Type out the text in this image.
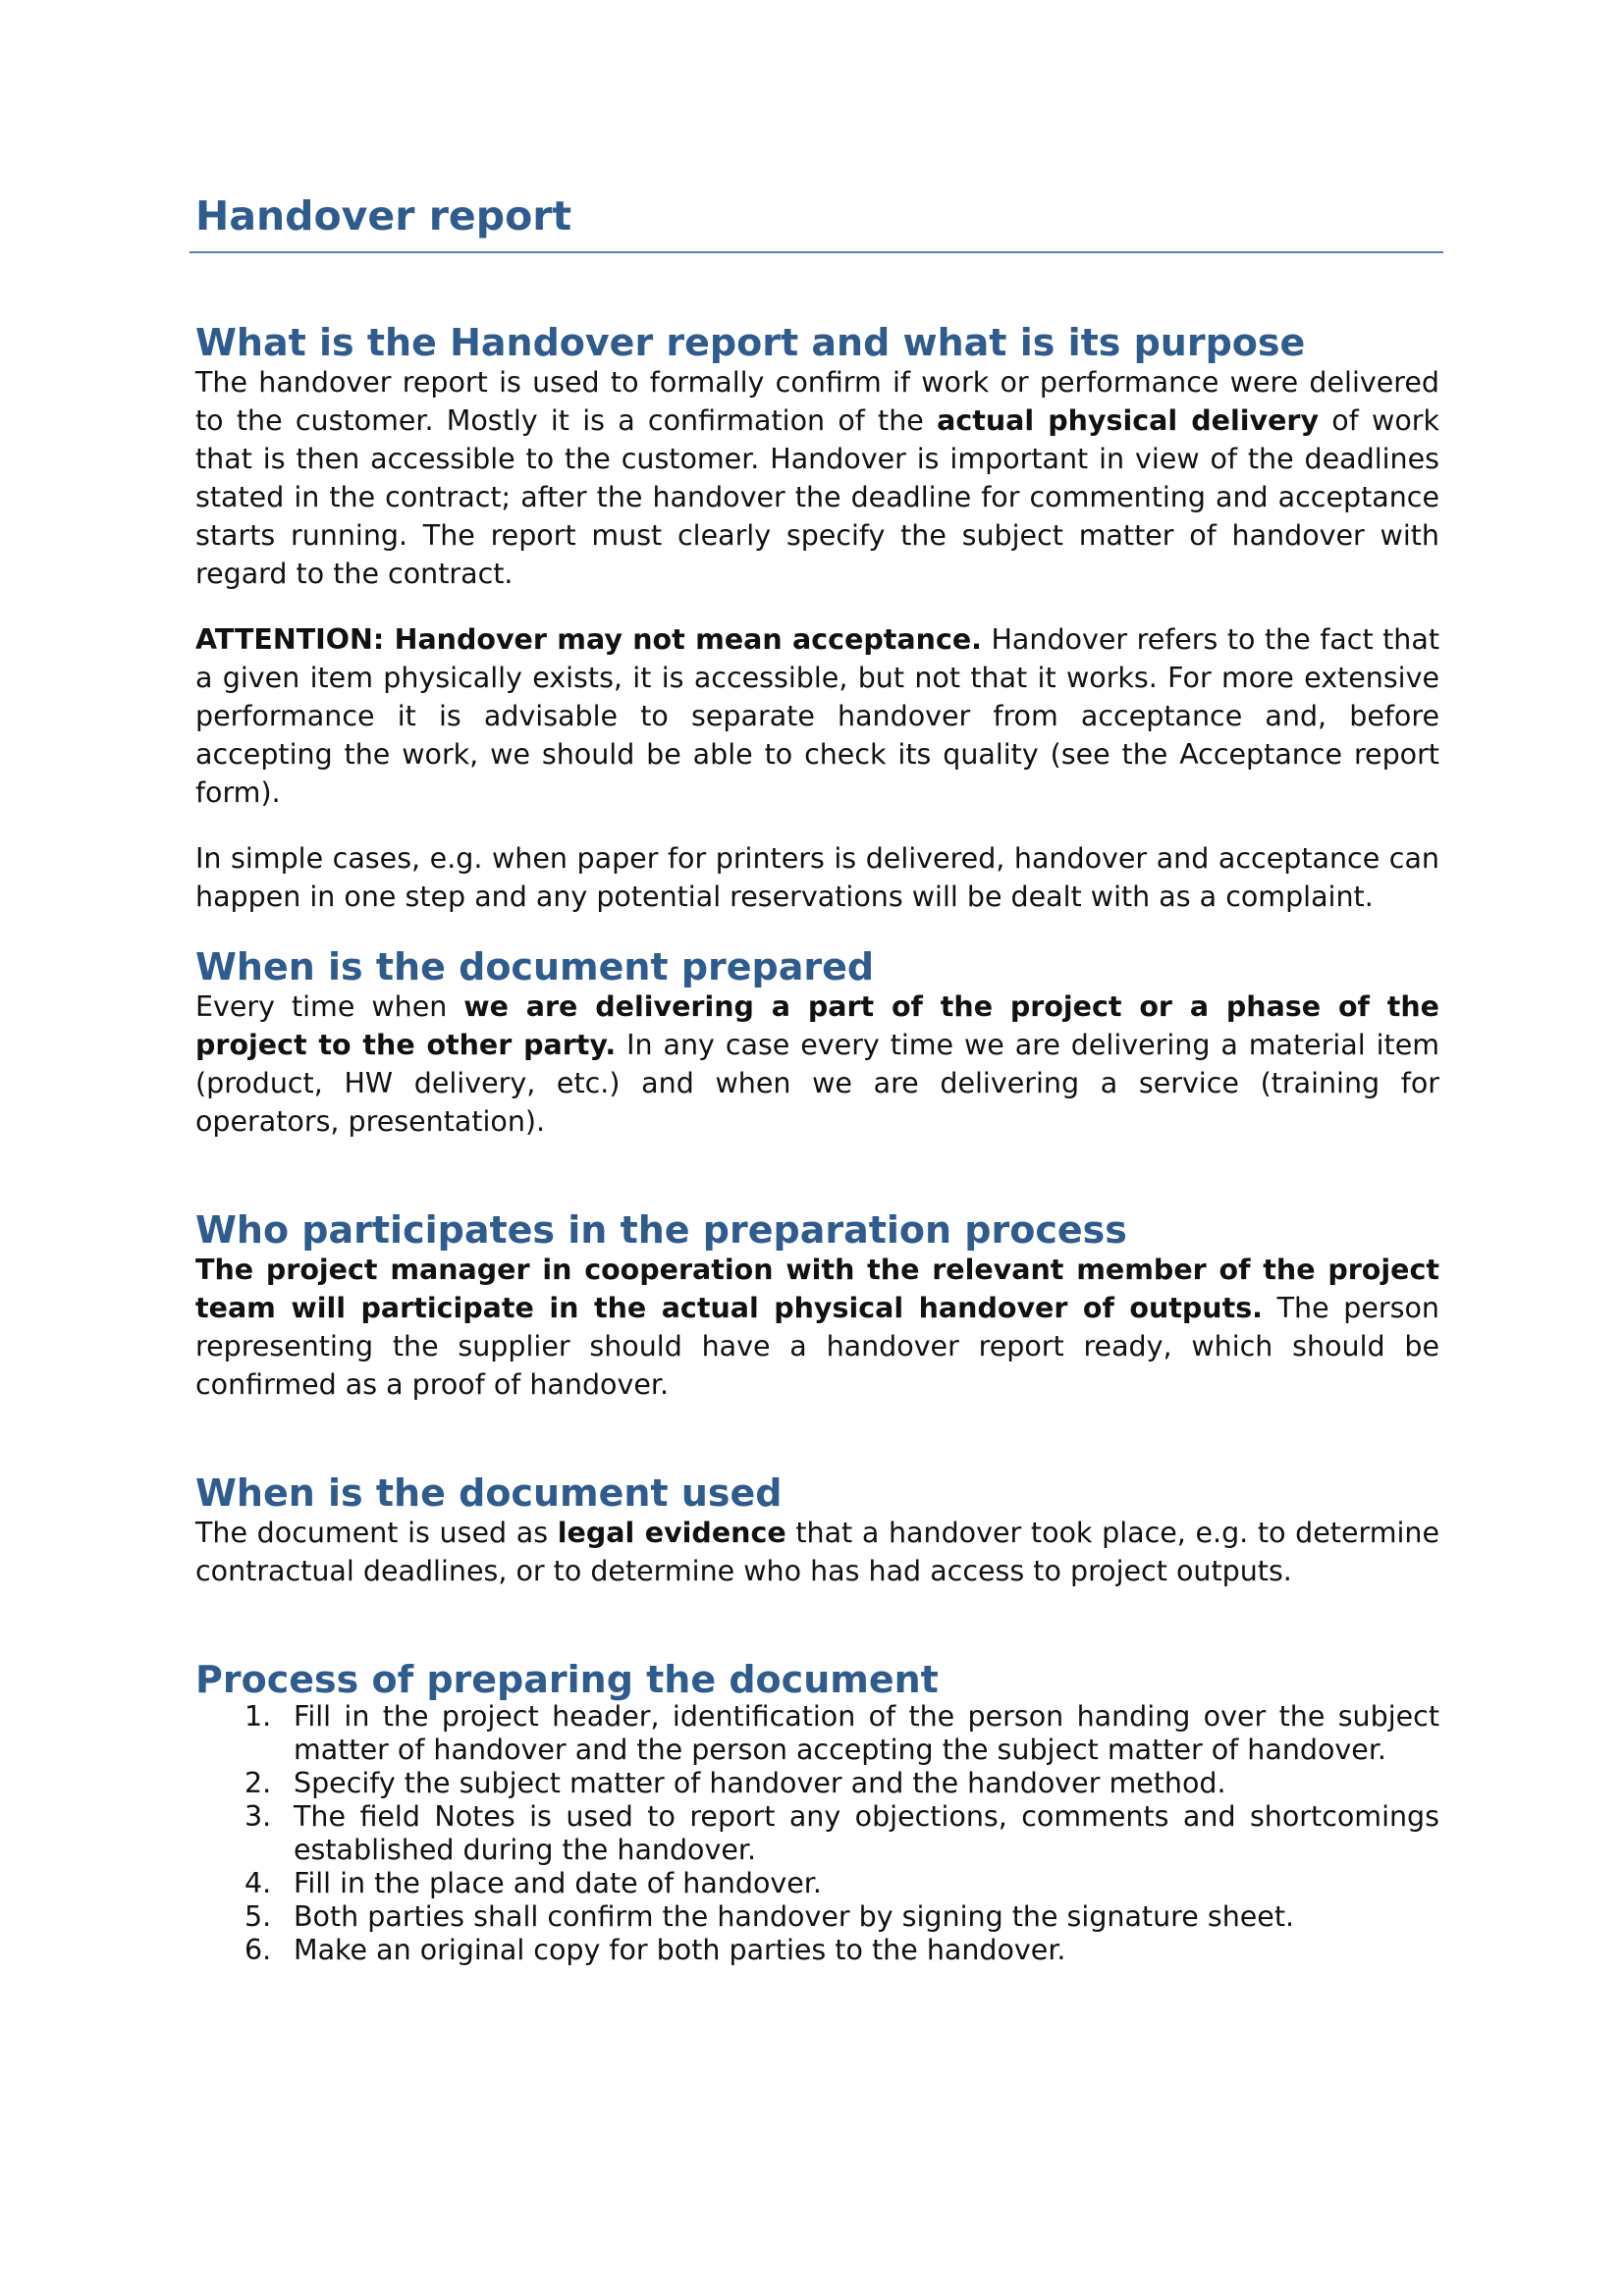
Handover report
What is the Handover report and what is its purpose

The handover report is used to formally confirm if work or performance were delivered to the customer. Mostly it is a confirmation of the actual physical delivery of work that is then accessible to the customer. Handover is important in view of the deadlines stated in the contract; after the handover the deadline for commenting and acceptance starts running. The report must clearly specify the subject matter of handover with regard to the contract.

ATTENTION: Handover may not mean acceptance. Handover refers to the fact that a given item physically exists, it is accessible, but not that it works. For more extensive performance it is advisable to separate handover from acceptance and, before accepting the work, we should be able to check its quality (see the Acceptance report form).

In simple cases, e.g. when paper for printers is delivered, handover and acceptance can happen in one step and any potential reservations will be dealt with as a complaint.

When is the document prepared

Every time when we are delivering a part of the project or a phase of the project to the other party. In any case every time we are delivering a material item (product, HW delivery, etc.) and when we are delivering a service (training for operators, presentation).

Who participates in the preparation process

The project manager in cooperation with the relevant member of the project team will participate in the actual physical handover of outputs. The person representing the supplier should have a handover report ready, which should be confirmed as a proof of handover.

When is the document used

The document is used as legal evidence that a handover took place, e.g. to determine contractual deadlines, or to determine who has had access to project outputs.

Process of preparing the document
1. Fill in the project header, identification of the person handing over the subject matter of handover and the person accepting the subject matter of handover.
2. Specify the subject matter of handover and the handover method.
3. The field Notes is used to report any objections, comments and shortcomings established during the handover.
4. Fill in the place and date of handover.
5. Both parties shall confirm the handover by signing the signature sheet.
6. Make an original copy for both parties to the handover.
